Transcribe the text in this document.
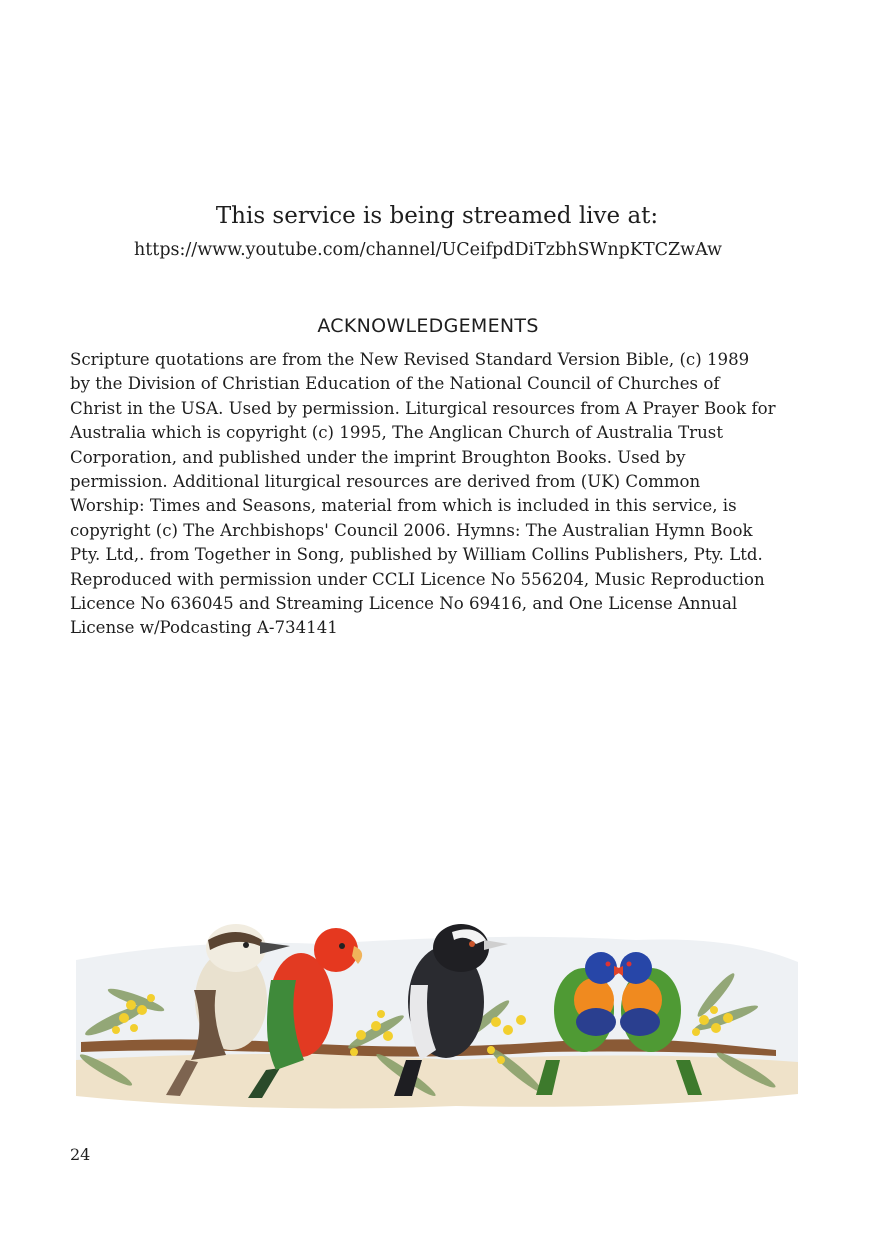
This service is being streamed live at:
https://www.youtube.com/channel/UCeifpdDiTzbhSWnpKTCZwAw
ACKNOWLEDGEMENTS
Scripture quotations are from the New Revised Standard Version Bible, (c) 1989
by the Division of Christian Education of the National Council of Churches of
Christ in the USA. Used by permission. Liturgical resources from A Prayer Book for
Australia which is copyright (c) 1995, The Anglican Church of Australia Trust
Corporation, and published under the imprint Broughton Books. Used by
permission. Additional liturgical resources are derived from (UK) Common
Worship: Times and Seasons, material from which is included in this service, is
copyright (c) The Archbishops' Council 2006. Hymns: The Australian Hymn Book
Pty. Ltd,. from Together in Song, published by William Collins Publishers, Pty. Ltd.
Reproduced with permission under CCLI Licence No 556204, Music Reproduction
Licence No 636045 and Streaming Licence No 69416, and One License Annual
License w/Podcasting A-734141
24
